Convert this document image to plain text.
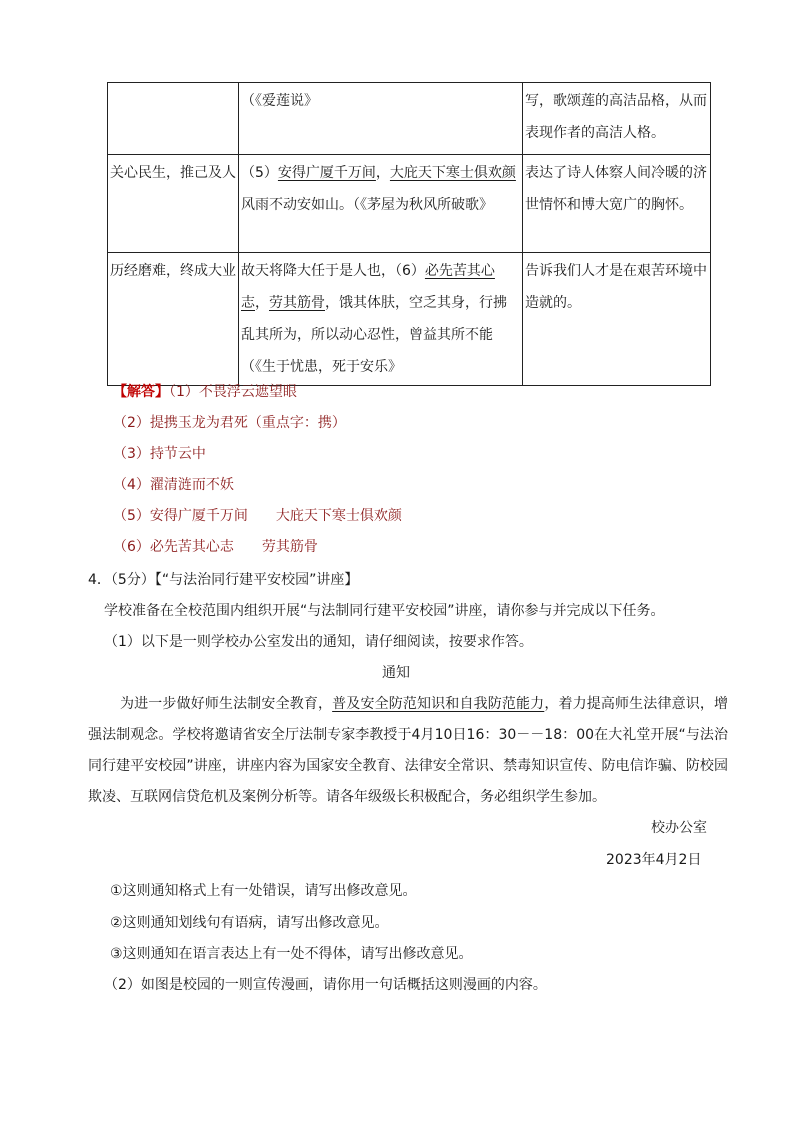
	（《爱莲说》	写，歌颂莲的高洁品格，从而表现作者的高洁人格。
关心民生，推己及人	（5）安得广厦千万间，大庇天下寒士俱欢颜风雨不动安如山。（《茅屋为秋风所破歌》	表达了诗人体察人间冷暖的济世情怀和博大宽广的胸怀。
历经磨难，终成大业	故天将降大任于是人也，（6）必先苦其心志，劳其筋骨，饿其体肤，空乏其身，行拂乱其所为，所以动心忍性，曾益其所不能（《生于忧患，死于安乐》	告诉我们人才是在艰苦环境中造就的。
【解答】（1）不畏浮云遮望眼
（2）提携玉龙为君死（重点字：携）
（3）持节云中
（4）濯清涟而不妖
（5）安得广厦千万间 大庇天下寒士俱欢颜
（6）必先苦其心志 劳其筋骨
4．（5分）【“与法治同行建平安校园”讲座】
学校准备在全校范围内组织开展“与法制同行建平安校园”讲座，请你参与并完成以下任务。
（1）以下是一则学校办公室发出的通知，请仔细阅读，按要求作答。
通知
为进一步做好师生法制安全教育，普及安全防范知识和自我防范能力，着力提高师生法律意识，增强法制观念。学校将邀请省安全厅法制专家李教授于4月10日16：30－－18：00在大礼堂开展“与法治同行建平安校园”讲座，讲座内容为国家安全教育、法律安全常识、禁毒知识宣传、防电信诈骗、防校园欺凌、互联网信贷危机及案例分析等。请各年级级长积极配合，务必组织学生参加。
校办公室
2023年4月2日
①这则通知格式上有一处错误，请写出修改意见。
②这则通知划线句有语病，请写出修改意见。
③这则通知在语言表达上有一处不得体，请写出修改意见。
（2）如图是校园的一则宣传漫画，请你用一句话概括这则漫画的内容。
